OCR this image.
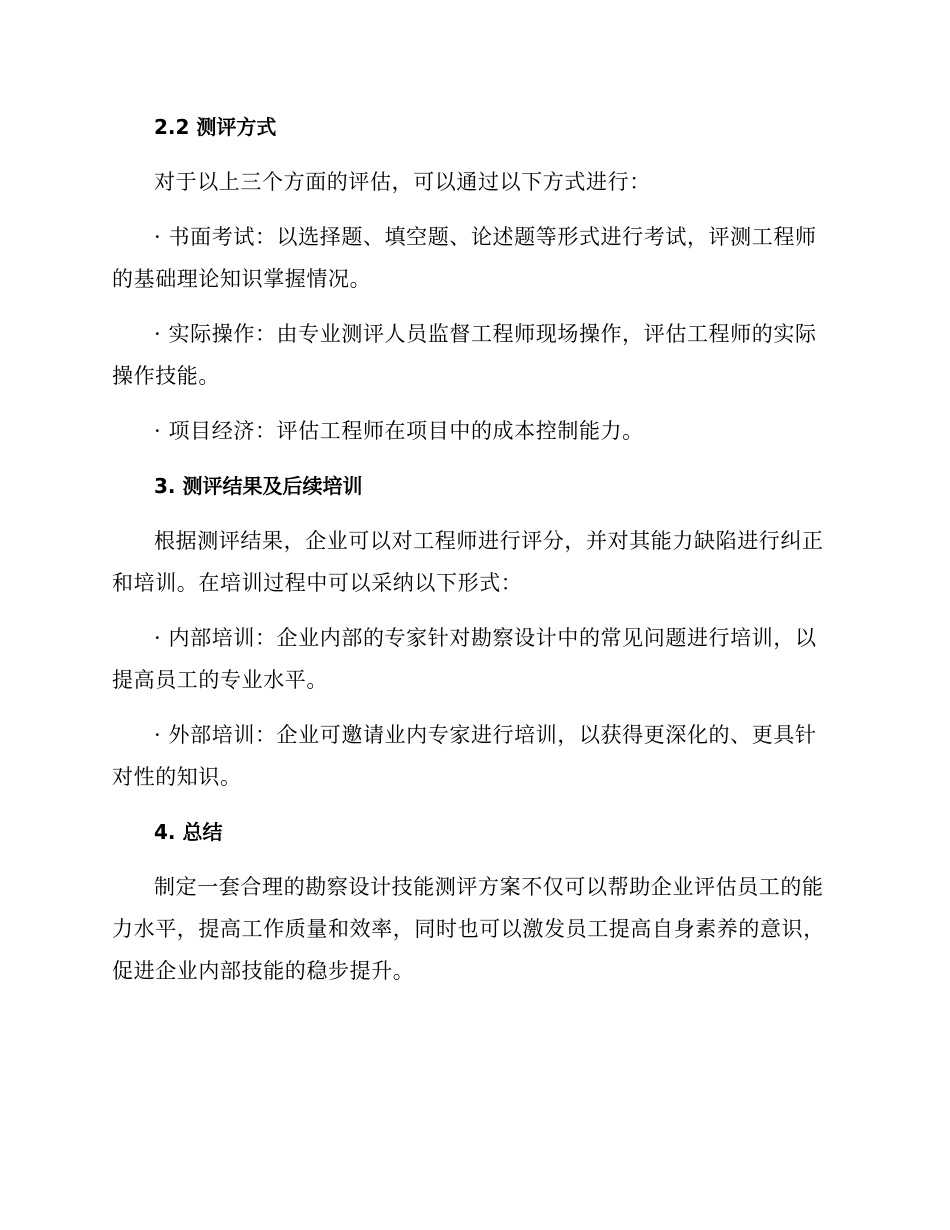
2.2 测评方式

对于以上三个方面的评估，可以通过以下方式进行：

· 书面考试：以选择题、填空题、论述题等形式进行考试，评测工程师的基础理论知识掌握情况。

· 实际操作：由专业测评人员监督工程师现场操作，评估工程师的实际操作技能。

· 项目经济：评估工程师在项目中的成本控制能力。

3. 测评结果及后续培训

根据测评结果，企业可以对工程师进行评分，并对其能力缺陷进行纠正和培训。在培训过程中可以采纳以下形式：

· 内部培训：企业内部的专家针对勘察设计中的常见问题进行培训，以提高员工的专业水平。

· 外部培训：企业可邀请业内专家进行培训，以获得更深化的、更具针对性的知识。

4. 总结

制定一套合理的勘察设计技能测评方案不仅可以帮助企业评估员工的能力水平，提高工作质量和效率，同时也可以激发员工提高自身素养的意识，促进企业内部技能的稳步提升。
